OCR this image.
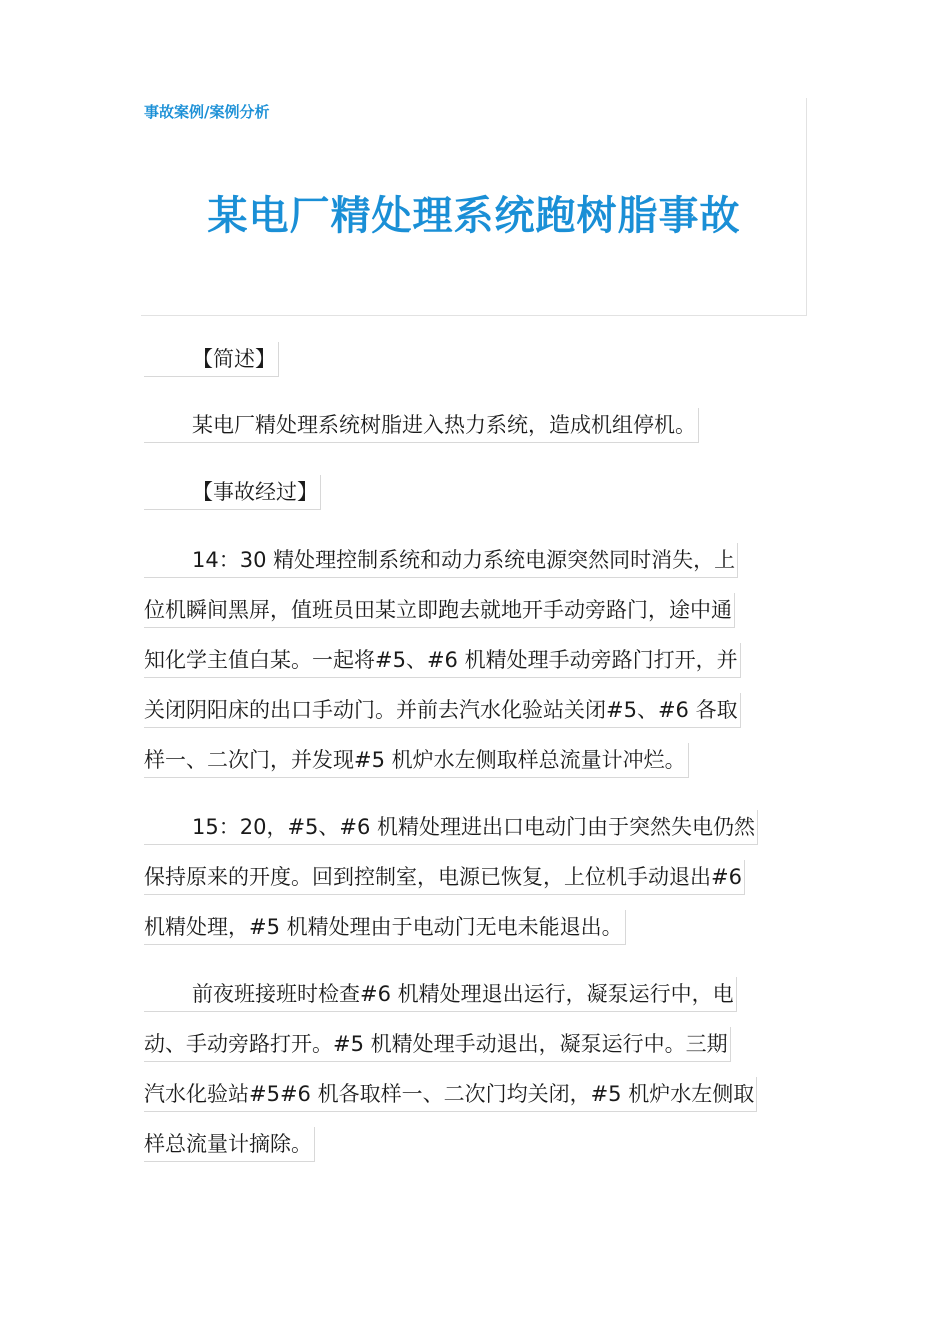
事故案例/案例分析
某电厂精处理系统跑树脂事故
【简述】
某电厂精处理系统树脂进入热力系统，造成机组停机。
【事故经过】
14：30 精处理控制系统和动力系统电源突然同时消失，上
位机瞬间黑屏，值班员田某立即跑去就地开手动旁路门，途中通
知化学主值白某。一起将#5、#6 机精处理手动旁路门打开，并
关闭阴阳床的出口手动门。并前去汽水化验站关闭#5、#6 各取
样一、二次门，并发现#5 机炉水左侧取样总流量计冲烂。
15：20，#5、#6 机精处理进出口电动门由于突然失电仍然
保持原来的开度。回到控制室，电源已恢复，上位机手动退出#6
机精处理，#5 机精处理由于电动门无电未能退出。
前夜班接班时检查#6 机精处理退出运行，凝泵运行中，电
动、手动旁路打开。#5 机精处理手动退出，凝泵运行中。三期
汽水化验站#5#6 机各取样一、二次门均关闭，#5 机炉水左侧取
样总流量计摘除。
